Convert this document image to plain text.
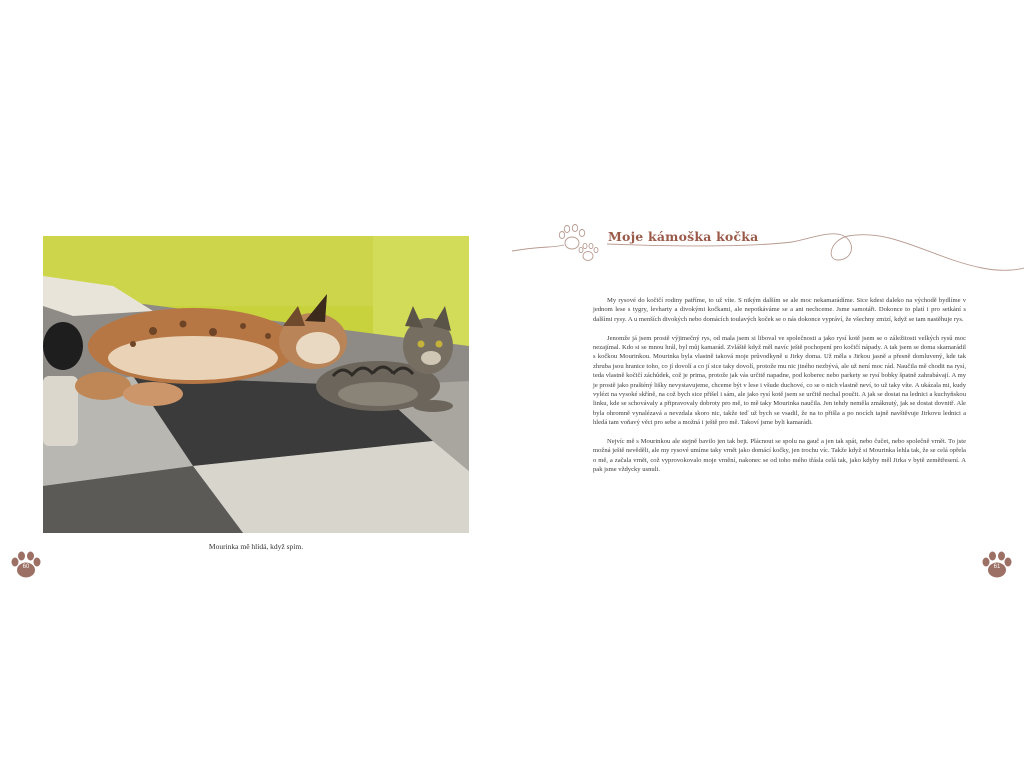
Mourinka mě hlídá, když spím.
60
Moje kámoška kočka

My rysové do kočičí rodiny patříme, to už víte. S nikým dalším se ale moc nekamarádíme. Sice kdesi daleko na východě bydlíme v jednom lese s tygry, levharty a divokými kočkami, ale nepotkáváme se a ani nechceme. Jsme samotáři. Dokonce to platí i pro setkání s dalšími rysy. A u menších divokých nebo domácích toulavých koček se o nás dokonce vypráví, že všechny zmizí, když se tam nastěhuje rys.

Jenomže já jsem prostě výjimečný rys, od mala jsem si liboval ve společnosti a jako rysí kotě jsem se o záležitosti velkých rysů moc nezajímal. Kdo si se mnou hrál, byl můj kamarád. Zvláště když měl navíc ještě pochopení pro kočičí nápady. A tak jsem se doma skamarádil s kočkou Mourinkou. Mourinka byla vlastně taková moje průvodkyně u Jirky doma. Už měla s Jirkou jasně a přesně domluvený, kde tak zhruba jsou hranice toho, co jí dovolí a co jí sice taky dovolí, protože mu nic jiného nezbývá, ale už není moc rád. Naučila mě chodit na rysí, teda vlastně kočičí záchůdek, což je prima, protože jak vás určitě napadne, pod koberec nebo parkety se rysí bobky špatně zahrabávají. A my je prostě jako prašténý lišky nevystavujeme, chceme být v lese i všude duchové, co se o nich vlastně neví, to už taky víte. A ukázala mi, kudy vylézt na vysoké skříně, na což bych sice přišel i sám, ale jako rysí kotě jsem se určitě nechal poučit. A jak se dostat na lednici a kuchyňskou linku, kde se schovávaly a připravovaly dobroty pro mě, to mě taky Mourinka naučila. Jen tehdy neměla zmáknutý, jak se dostat dovnitř. Ale byla ohromně vynalézavá a nevzdala skoro nic, takže teď už bych se vsadil, že na to přišla a po nocích tajně navštěvuje Jirkovu lednici a hledá tam voňavý věci pro sebe a možná i ještě pro mě. Takoví jsme byli kamarádi.

Nejvíc mě s Mourinkou ale stejně bavilo jen tak bejt. Plácnout se spolu na gauč a jen tak spát, nebo čučet, nebo společně vrnět. To jste možná ještě nevěděli, ale my rysové umíme taky vrnět jako domácí kočky, jen trochu víc. Takže když si Mourinka lehla tak, že se celá opřela o mě, a začala vrnět, což vyprovokovalo moje vrnění, nakonec se od toho mého třásla celá tak, jako kdyby měl Jirka v bytě zemětřesení. A pak jsme vždycky usnuli.

61
